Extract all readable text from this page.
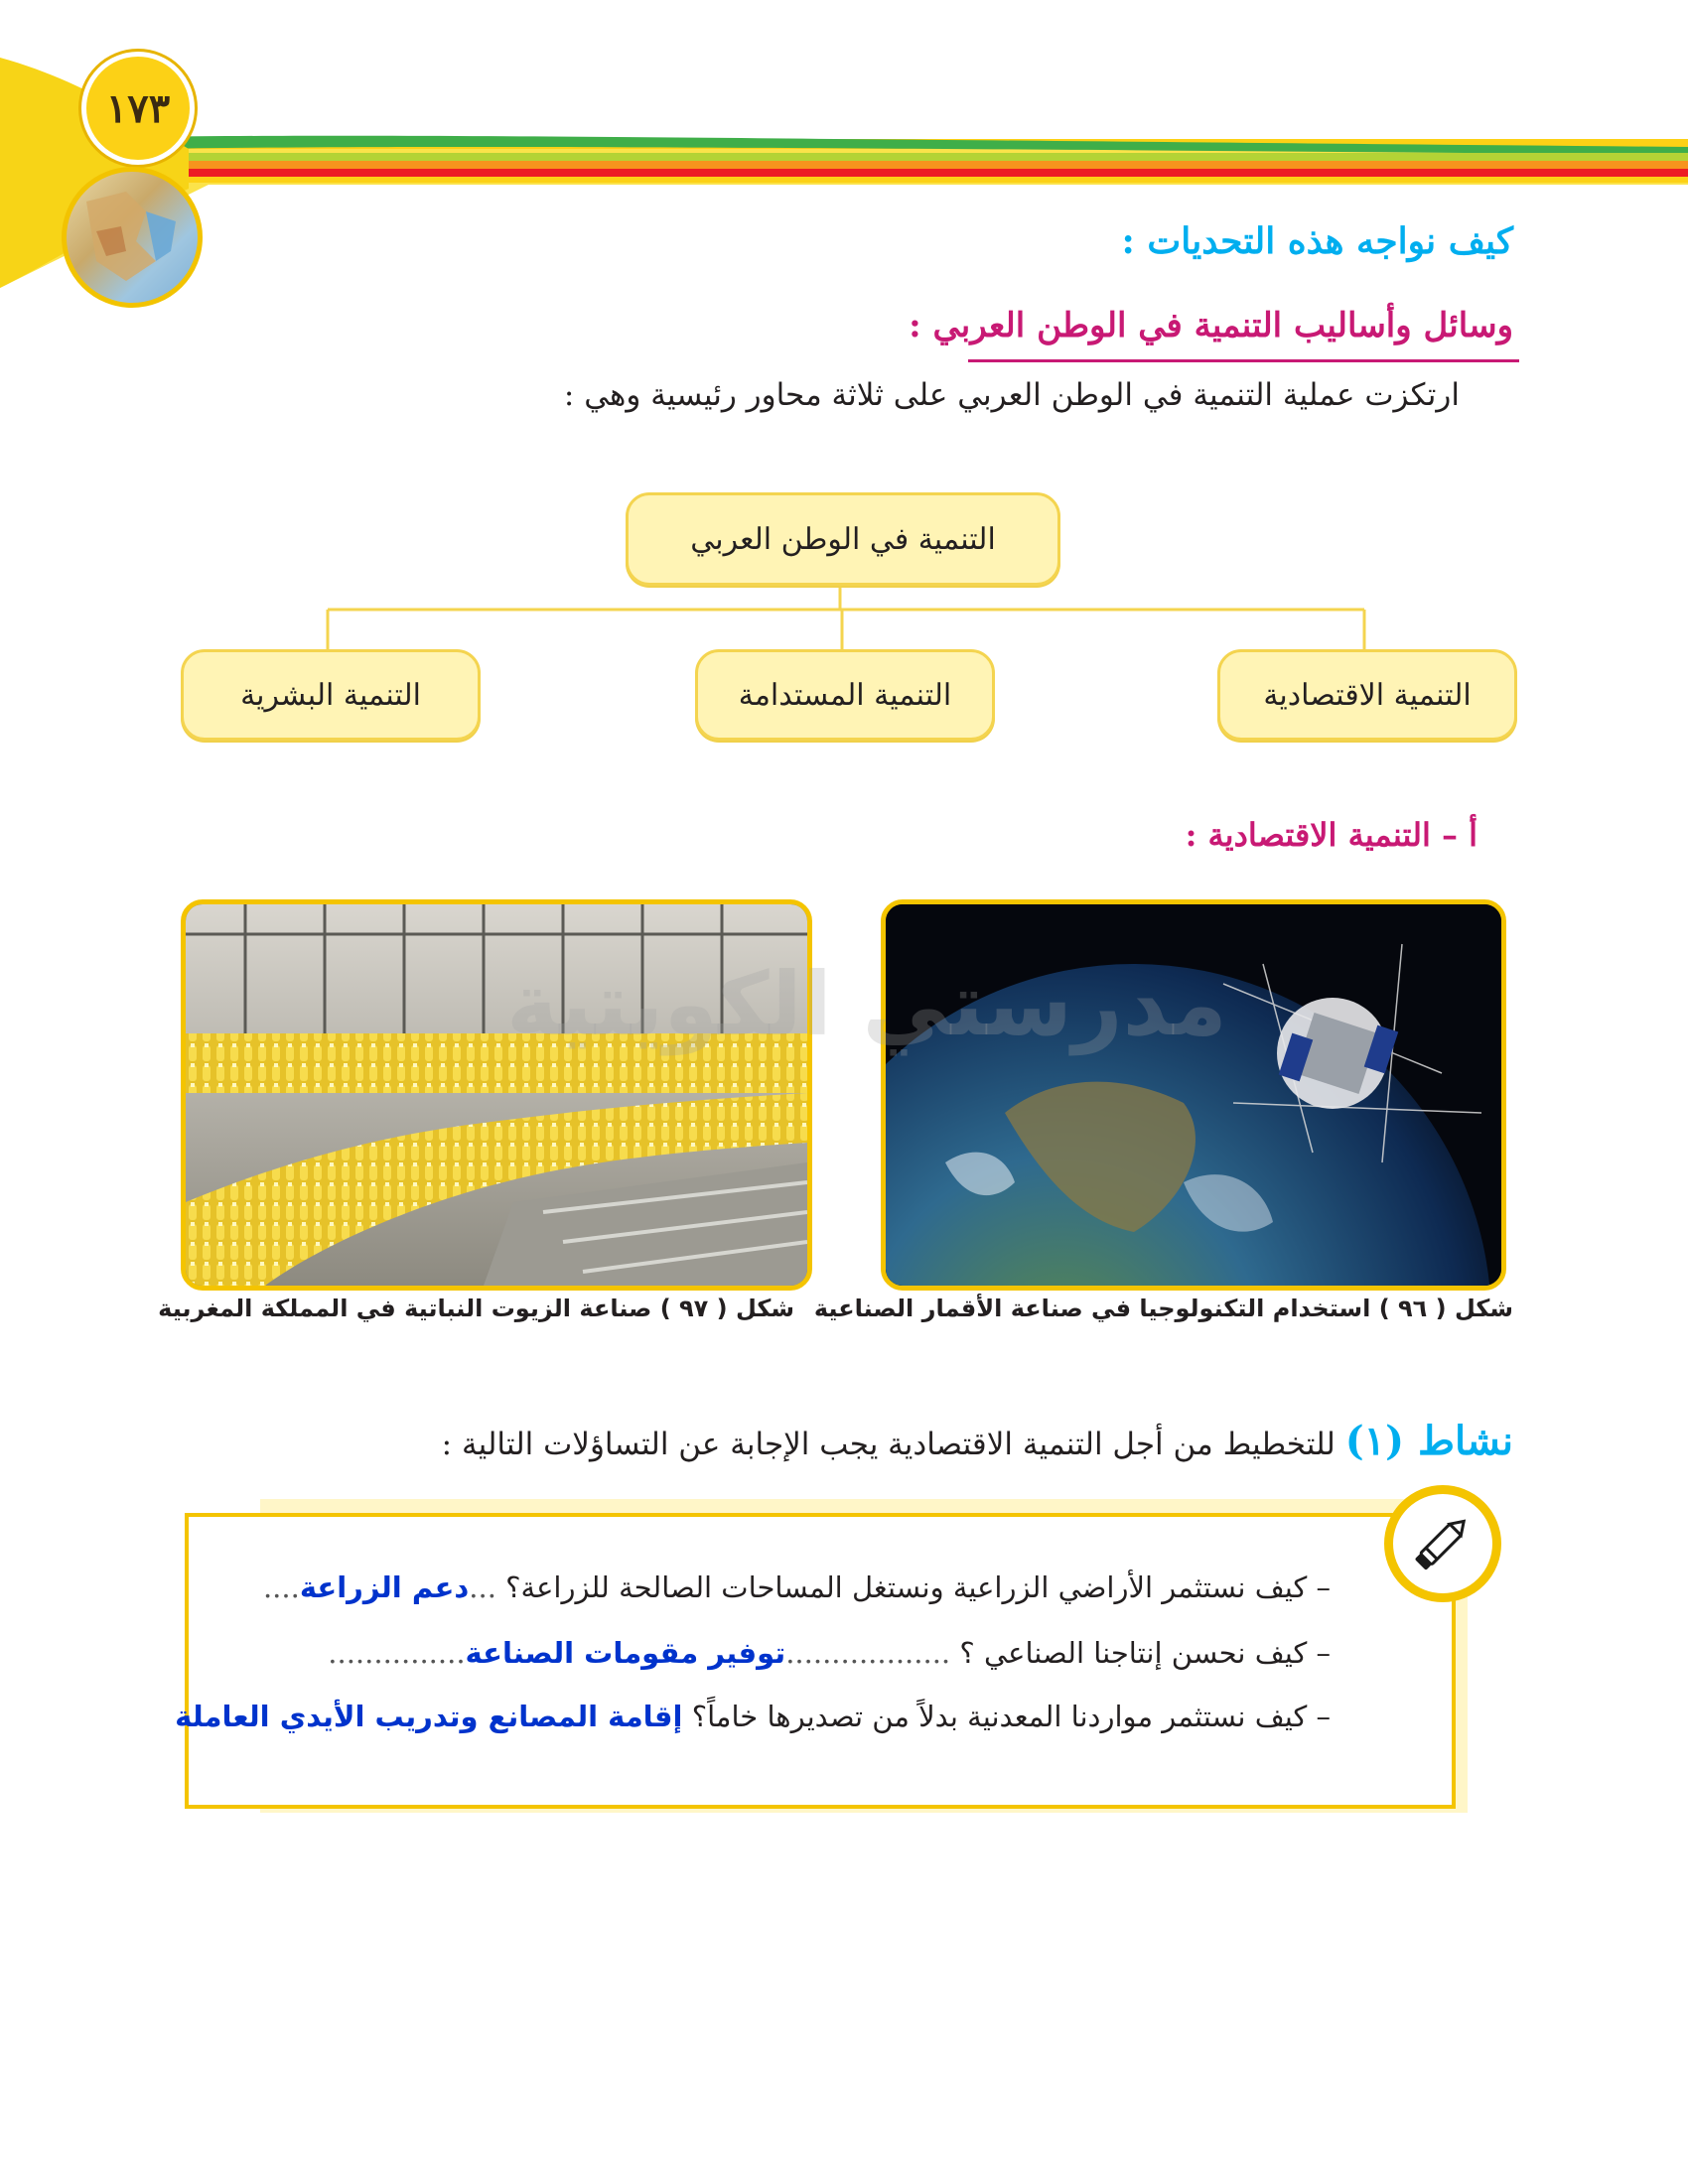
١٧٣
كيف نواجه هذه التحديات :
وسائل وأساليب التنمية في الوطن العربي :
ارتكزت عملية التنمية في الوطن العربي على ثلاثة محاور رئيسية وهي :
التنمية في الوطن العربي
التنمية الاقتصادية
التنمية المستدامة
التنمية البشرية
أ – التنمية الاقتصادية :
شكل ( ٩٦ ) استخدام التكنولوجيا في صناعة الأقمار الصناعية
شكل ( ٩٧ ) صناعة الزيوت النباتية في المملكة المغربية
مدرستي الكويتية
نشاط (١) للتخطيط من أجل التنمية الاقتصادية يجب الإجابة عن التساؤلات التالية :
– كيف نستثمر الأراضي الزراعية ونستغل المساحات الصالحة للزراعة؟ ...دعم الزراعة....
– كيف نحسن إنتاجنا الصناعي ؟ ..................توفير مقومات الصناعة...............
– كيف نستثمر مواردنا المعدنية بدلاً من تصديرها خاماً؟ إقامة المصانع وتدريب الأيدي العاملة
